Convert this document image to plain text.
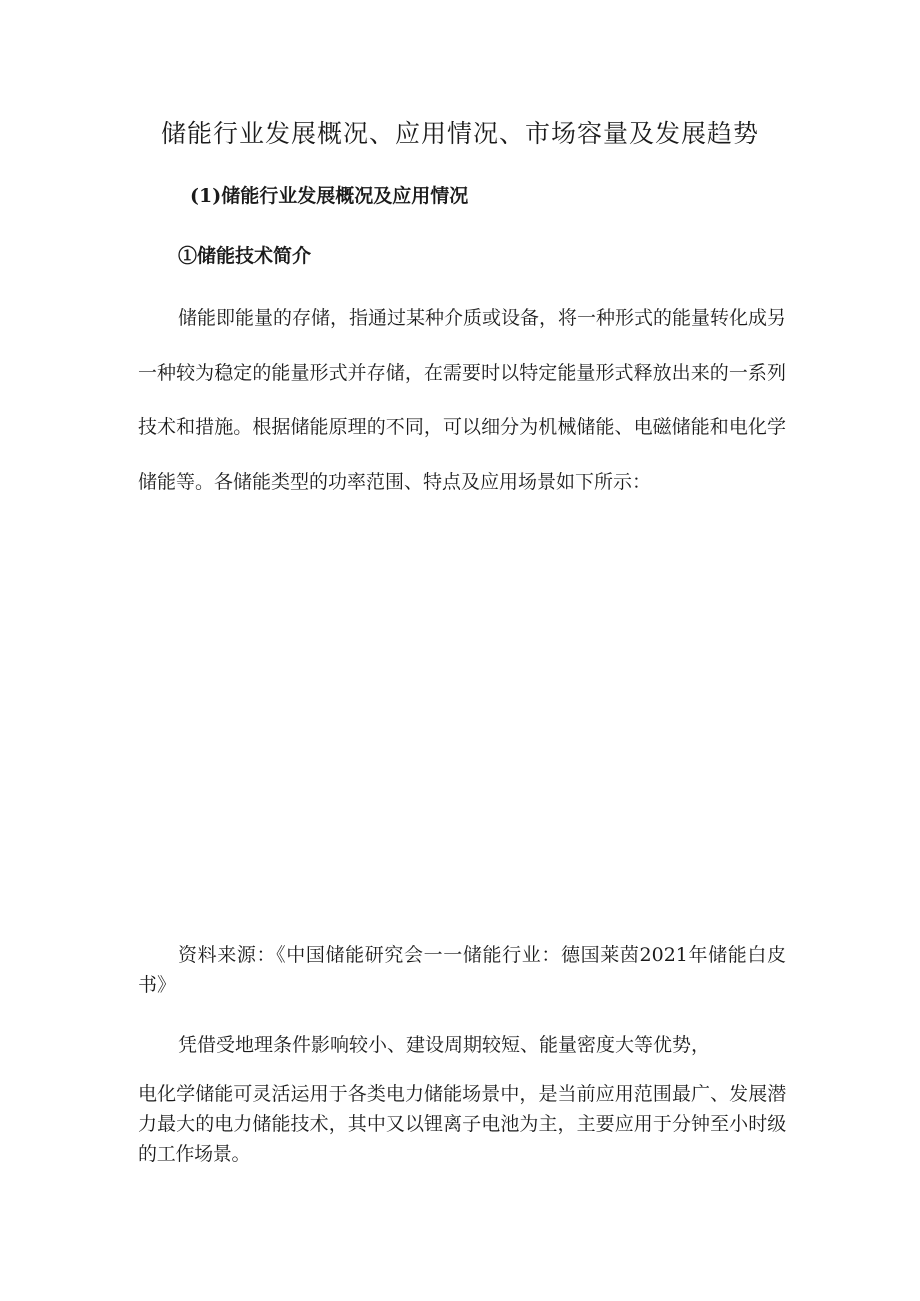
储能行业发展概况、应用情况、市场容量及发展趋势
(1)储能行业发展概况及应用情况
①储能技术简介

储能即能量的存储，指通过某种介质或设备，将一种形式的能量转化成另一种较为稳定的能量形式并存储，在需要时以特定能量形式释放出来的一系列技术和措施。根据储能原理的不同，可以细分为机械储能、电磁储能和电化学储能等。各储能类型的功率范围、特点及应用场景如下所示：

资料来源：《中国储能研究会一一储能行业：德国莱茵2021年储能白皮书》

凭借受地理条件影响较小、建设周期较短、能量密度大等优势，

电化学储能可灵活运用于各类电力储能场景中，是当前应用范围最广、发展潜力最大的电力储能技术，其中又以锂离子电池为主，主要应用于分钟至小时级的工作场景。
